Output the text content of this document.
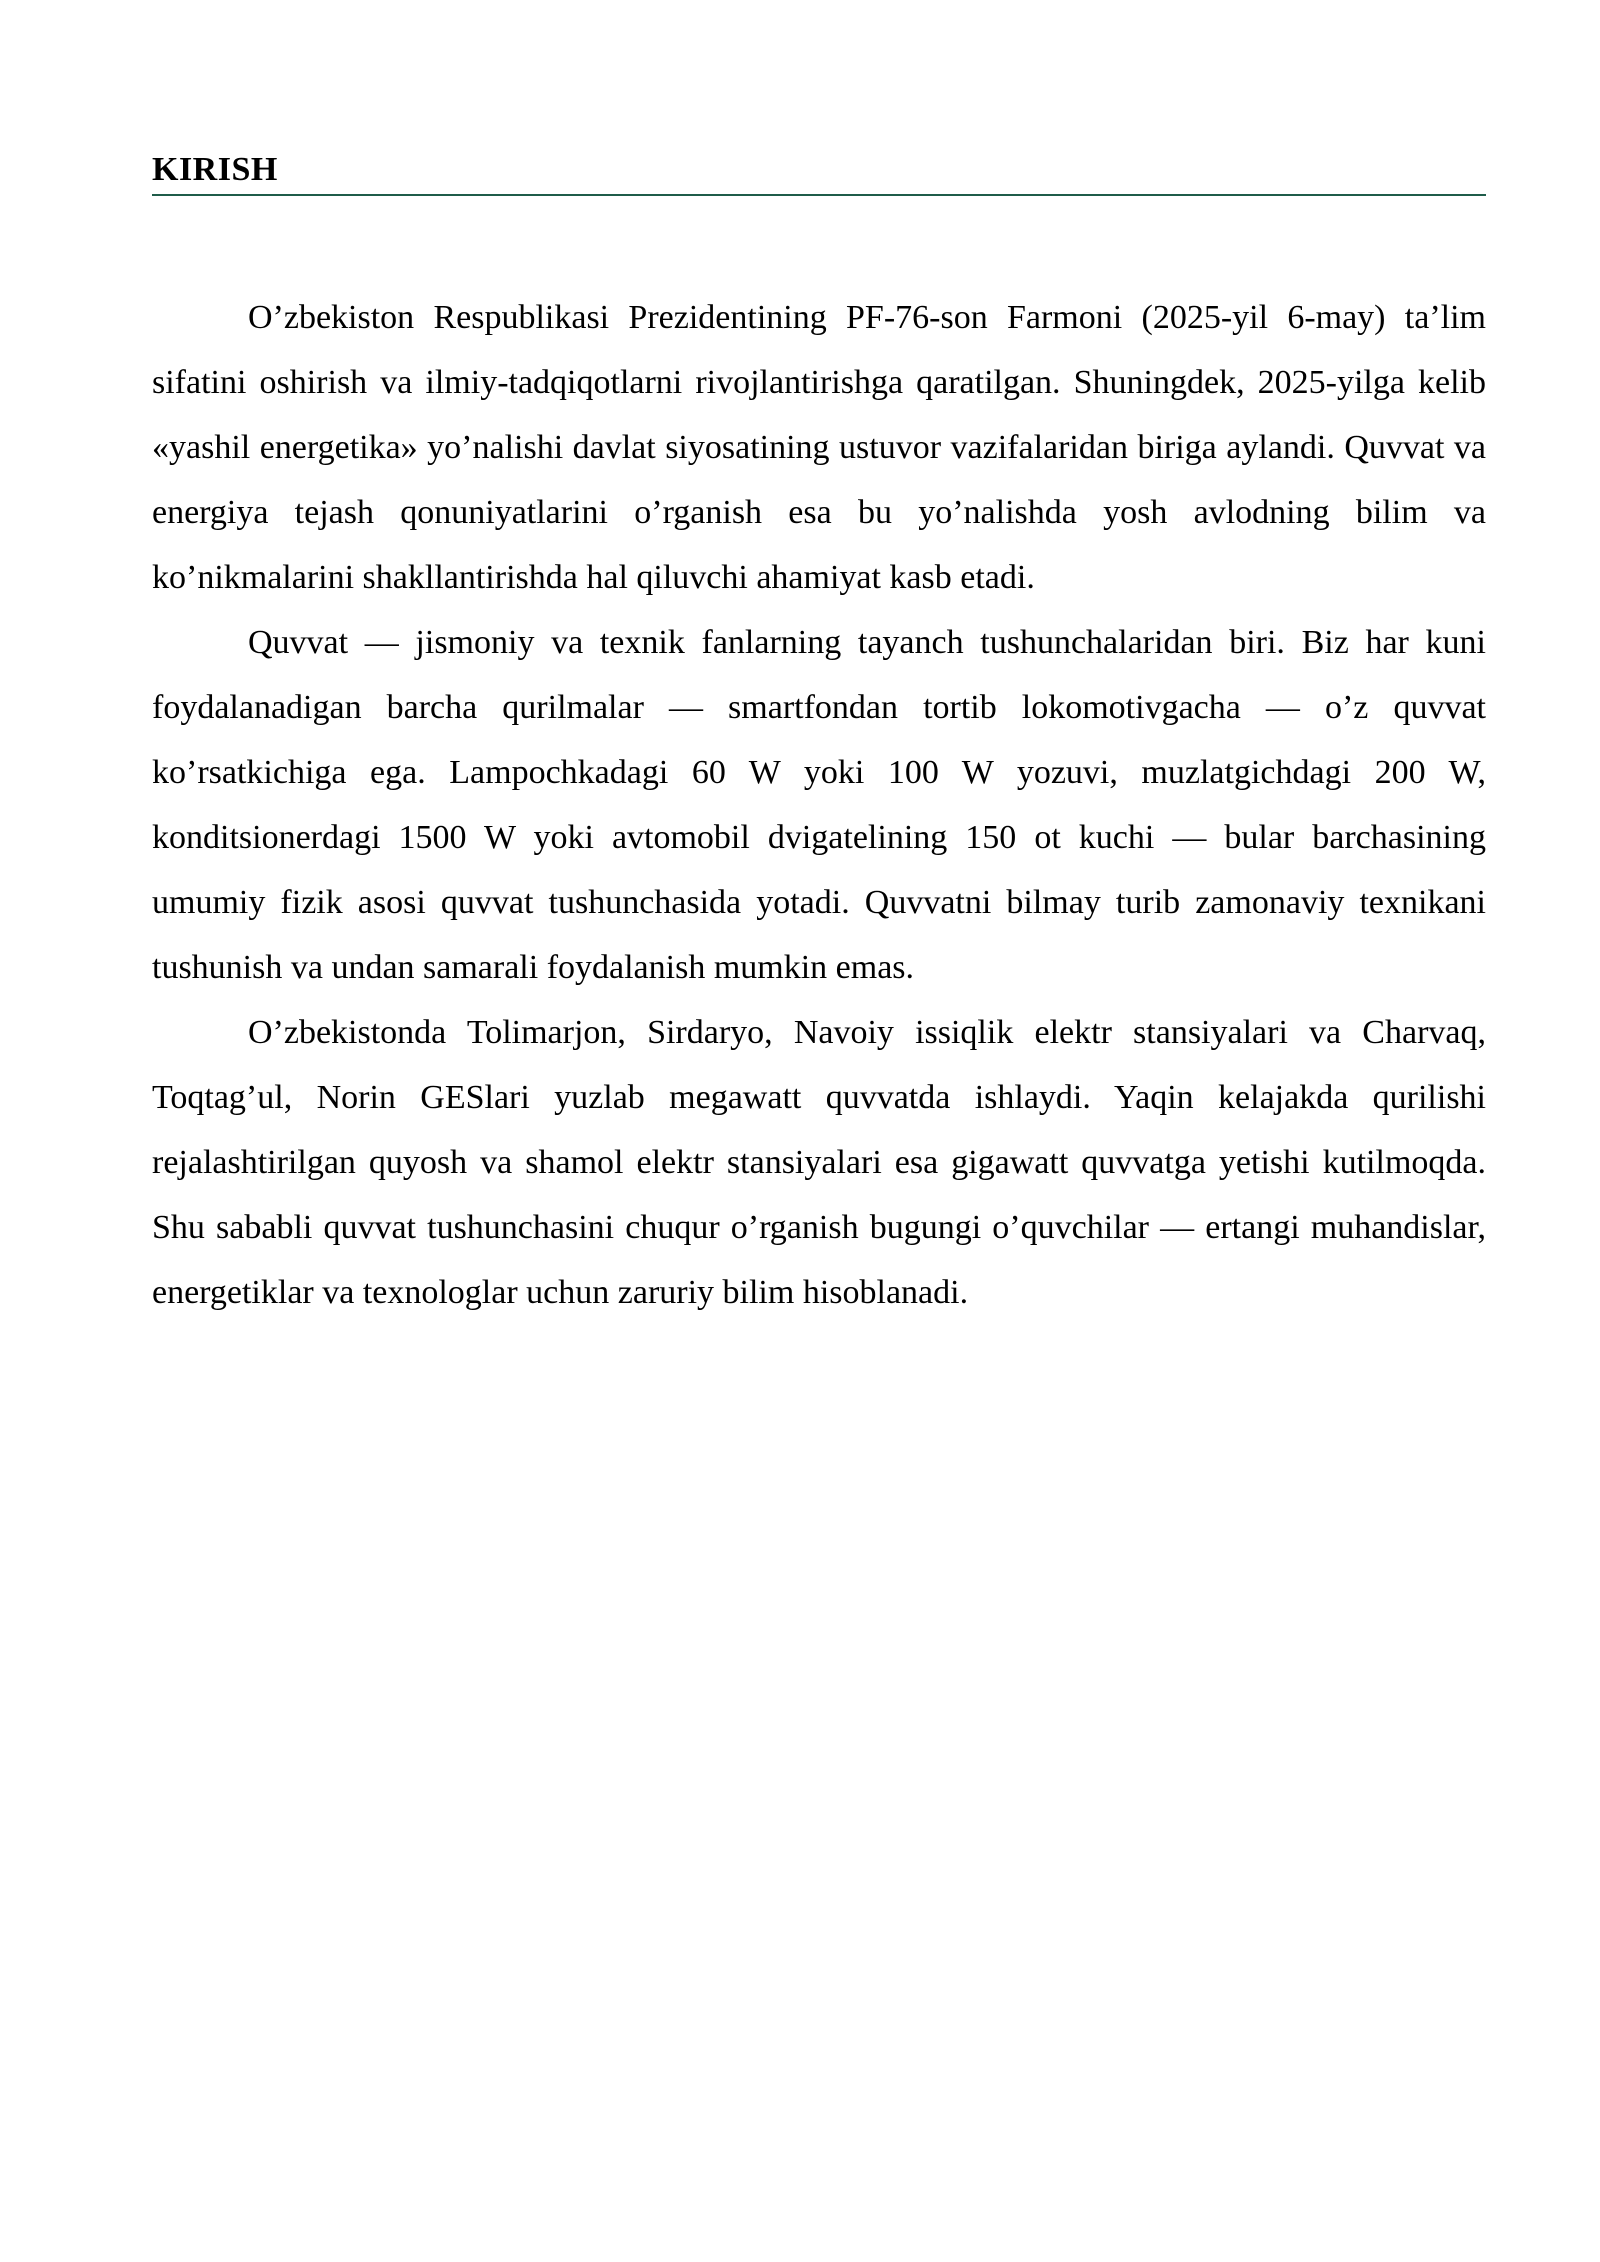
KIRISH

O’zbekiston Respublikasi Prezidentining PF-76-son Farmoni (2025-yil 6-may) ta’lim sifatini oshirish va ilmiy-tadqiqotlarni rivojlantirishga qaratilgan. Shuningdek, 2025-yilga kelib «yashil energetika» yo’nalishi davlat siyosatining ustuvor vazifalaridan biriga aylandi. Quvvat va energiya tejash qonuniyatlarini o’rganish esa bu yo’nalishda yosh avlodning bilim va ko’nikmalarini shakllantirishda hal qiluvchi ahamiyat kasb etadi.

Quvvat — jismoniy va texnik fanlarning tayanch tushunchalaridan biri. Biz har kuni foydalanadigan barcha qurilmalar — smartfondan tortib lokomotivgacha — o’z quvvat ko’rsatkichiga ega. Lampochkadagi 60 W yoki 100 W yozuvi, muzlatgichdagi 200 W, konditsionerdagi 1500 W yoki avtomobil dvigatelining 150 ot kuchi — bular barchasining umumiy fizik asosi quvvat tushunchasida yotadi. Quvvatni bilmay turib zamonaviy texnikani tushunish va undan samarali foydalanish mumkin emas.

O’zbekistonda Tolimarjon, Sirdaryo, Navoiy issiqlik elektr stansiyalari va Charvaq, Toqtag’ul, Norin GESlari yuzlab megawatt quvvatda ishlaydi. Yaqin kelajakda qurilishi rejalashtirilgan quyosh va shamol elektr stansiyalari esa gigawatt quvvatga yetishi kutilmoqda. Shu sababli quvvat tushunchasini chuqur o’rganish bugungi o’quvchilar — ertangi muhandislar, energetiklar va texnologlar uchun zaruriy bilim hisoblanadi.
